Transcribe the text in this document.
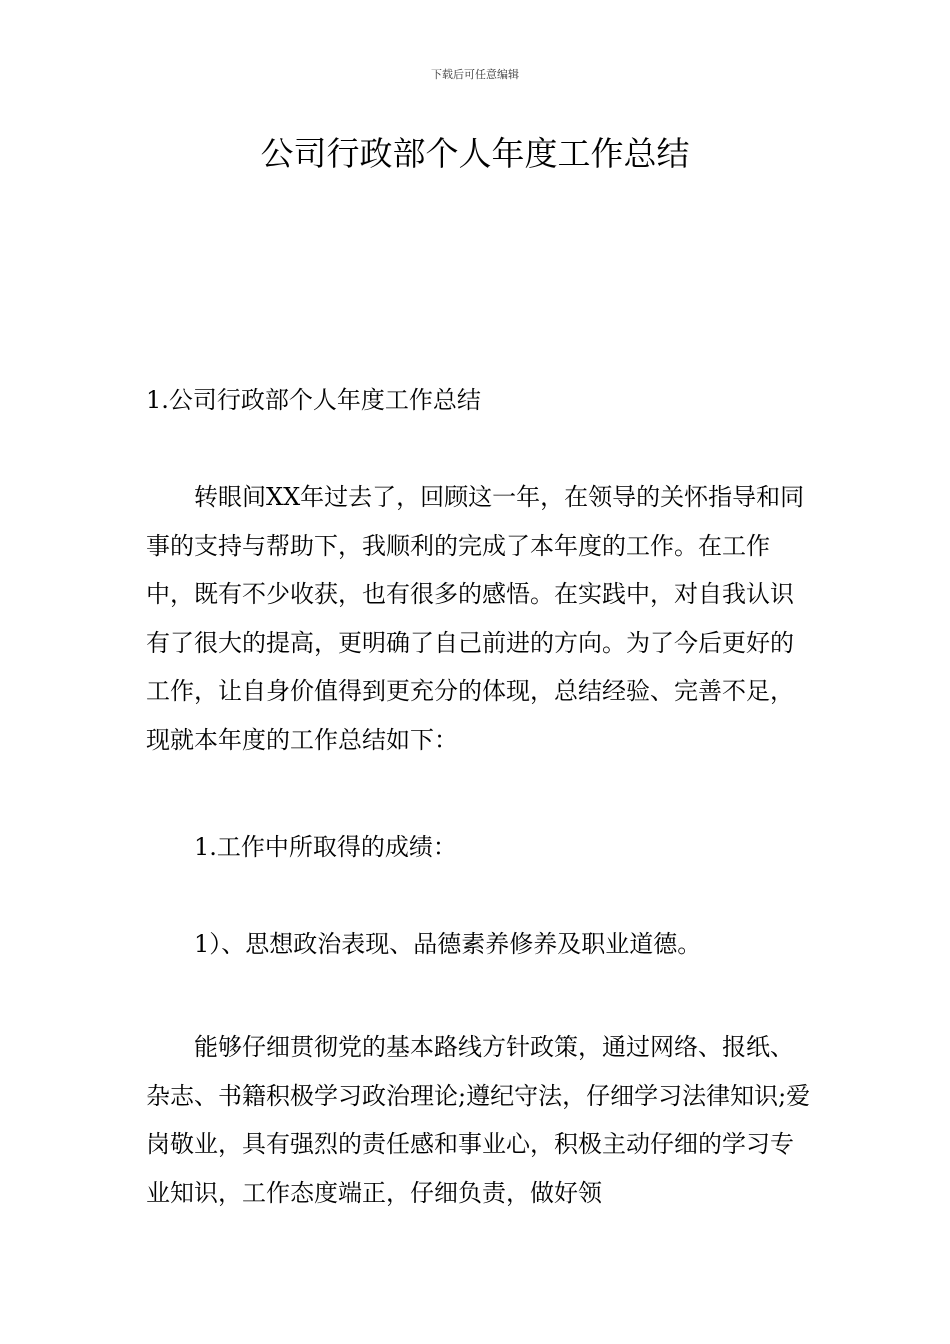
下载后可任意编辑
公司行政部个人年度工作总结

1.公司行政部个人年度工作总结

转眼间XX年过去了，回顾这一年，在领导的关怀指导和同事的支持与帮助下，我顺利的完成了本年度的工作。在工作中，既有不少收获，也有很多的感悟。在实践中，对自我认识有了很大的提高，更明确了自己前进的方向。为了今后更好的工作，让自身价值得到更充分的体现，总结经验、完善不足，现就本年度的工作总结如下：

1.工作中所取得的成绩：

1）、思想政治表现、品德素养修养及职业道德。

能够仔细贯彻党的基本路线方针政策，通过网络、报纸、杂志、书籍积极学习政治理论;遵纪守法，仔细学习法律知识;爱岗敬业，具有强烈的责任感和事业心，积极主动仔细的学习专业知识，工作态度端正，仔细负责，做好领
